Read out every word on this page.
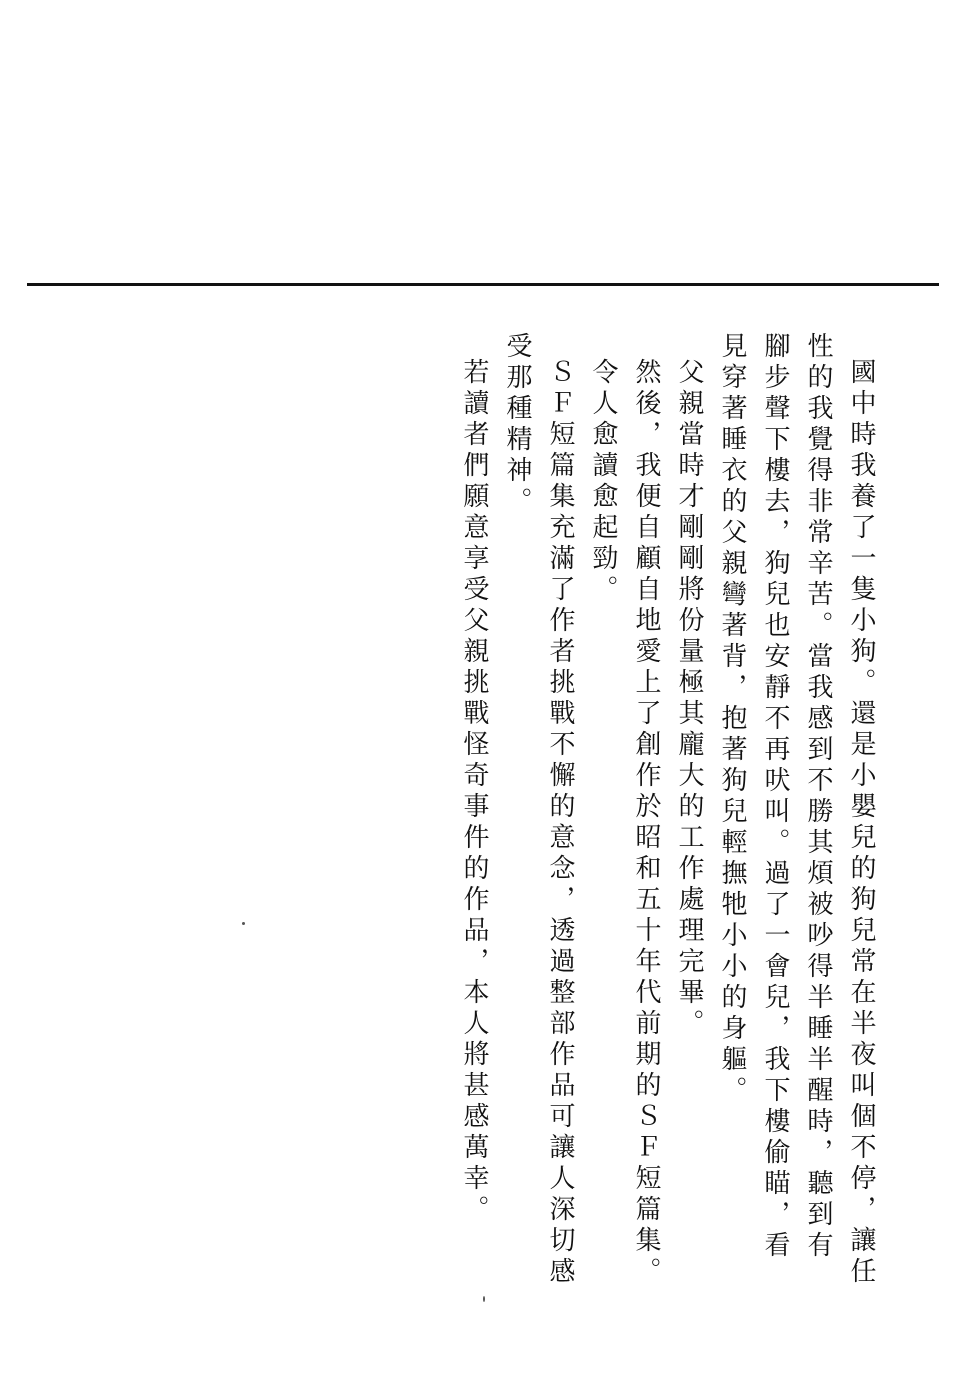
國中時我養了一隻小狗。還是小嬰兒的狗兒常在半夜叫個不停，讓任性的我覺得非常辛苦。當我感到不勝其煩被吵得半睡半醒時，聽到有腳步聲下樓去，狗兒也安靜不再吠叫。過了一會兒，我下樓偷瞄，看見穿著睡衣的父親彎著背，抱著狗兒輕撫牠小小的身軀。

父親當時才剛剛將份量極其龐大的工作處理完畢。

然後，我便自顧自地愛上了創作於昭和五十年代前期的ＳＦ短篇集。

令人愈讀愈起勁。

ＳＦ短篇集充滿了作者挑戰不懈的意念，透過整部作品可讓人深切感受那種精神。

若讀者們願意享受父親挑戰怪奇事件的作品，本人將甚感萬幸。
